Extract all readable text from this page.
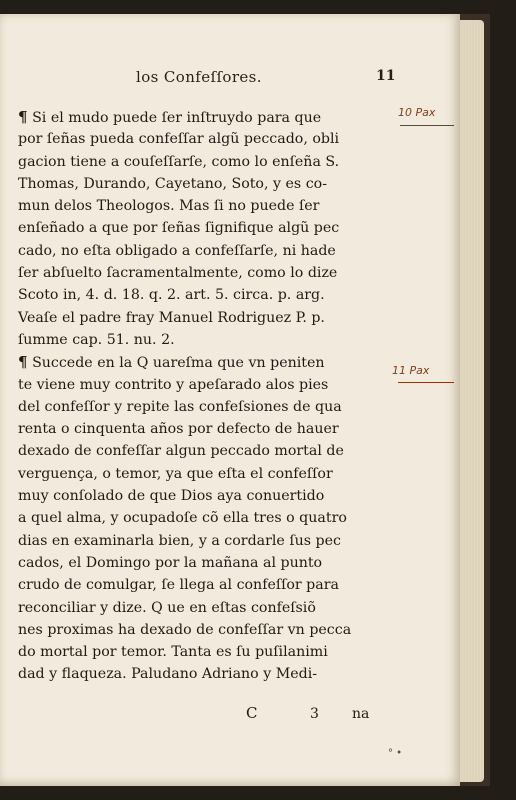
los Confeſſores.	11
¶ Si el mudo puede ſer inſtruydo para que
por ſeñas pueda confeſſar algũ peccado, obli
gacion tiene a couſeſſarſe, como lo enſeña S.
Thomas, Durando, Cayetano, Soto, y es co-
mun delos Theologos. Mas ſi no puede ſer
enſeñado a que por ſeñas ſignifique algũ pec
cado, no eſta obligado a confeſſarſe, ni hade
ſer abſuelto ſacramentalmente, como lo dize
Scoto in, 4. d. 18. q. 2. art. 5. circa. p. arg.
Veaſe el padre fray Manuel Rodriguez P. p.
ſumme cap. 51. nu. 2.
¶ Succede en la Q uareſma que vn peniten
te viene muy contrito y apeſarado alos pies
del confeſſor y repite las confeſsiones de qua
renta o cinquenta años por defecto de hauer
dexado de confeſſar algun peccado mortal de
verguença, o temor, ya que eſta el confeſſor
muy conſolado de que Dios aya conuertido
a quel alma, y ocupadoſe cõ ella tres o quatro
dias en examinarla bien, y a cordarle ſus pec
cados, el Domingo por la mañana al punto
crudo de comulgar, ſe llega al confeſſor para
reconciliar y dize. Q ue en eſtas confeſsiõ
nes proximas ha dexado de confeſſar vn pecca
do mortal por temor. Tanta es ſu puſilanimi
dad y flaqueza. Paludano Adriano y Medi-
10 Pax
11 Pax
C	3 na
° •
